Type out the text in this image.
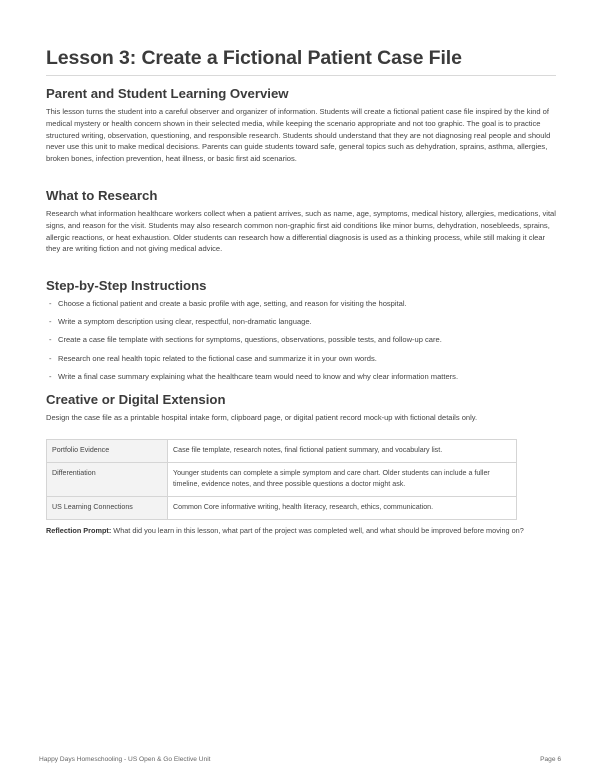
Lesson 3: Create a Fictional Patient Case File
Parent and Student Learning Overview

This lesson turns the student into a careful observer and organizer of information. Students will create a fictional patient case file inspired by the kind of medical mystery or health concern shown in their selected media, while keeping the scenario appropriate and not too graphic. The goal is to practice structured writing, observation, questioning, and responsible research. Students should understand that they are not diagnosing real people and should never use this unit to make medical decisions. Parents can guide students toward safe, general topics such as dehydration, sprains, asthma, allergies, broken bones, infection prevention, heat illness, or basic first aid scenarios.

What to Research

Research what information healthcare workers collect when a patient arrives, such as name, age, symptoms, medical history, allergies, medications, vital signs, and reason for the visit. Students may also research common non-graphic first aid conditions like minor burns, dehydration, nosebleeds, sprains, allergic reactions, or heat exhaustion. Older students can research how a differential diagnosis is used as a thinking process, while still making it clear they are writing fiction and not giving medical advice.

Step-by-Step Instructions
- Choose a fictional patient and create a basic profile with age, setting, and reason for visiting the hospital.
- Write a symptom description using clear, respectful, non-dramatic language.
- Create a case file template with sections for symptoms, questions, observations, possible tests, and follow-up care.
- Research one real health topic related to the fictional case and summarize it in your own words.
- Write a final case summary explaining what the healthcare team would need to know and why clear information matters.
Creative or Digital Extension

Design the case file as a printable hospital intake form, clipboard page, or digital patient record mock-up with fictional details only.

Portfolio Evidence	Case file template, research notes, final fictional patient summary, and vocabulary list.
Differentiation	Younger students can complete a simple symptom and care chart. Older students can include a fuller timeline, evidence notes, and three possible questions a doctor might ask.
US Learning Connections	Common Core informative writing, health literacy, research, ethics, communication.

Reflection Prompt: What did you learn in this lesson, what part of the project was completed well, and what should be improved before moving on?

Happy Days Homeschooling - US Open & Go Elective Unit	Page 6
